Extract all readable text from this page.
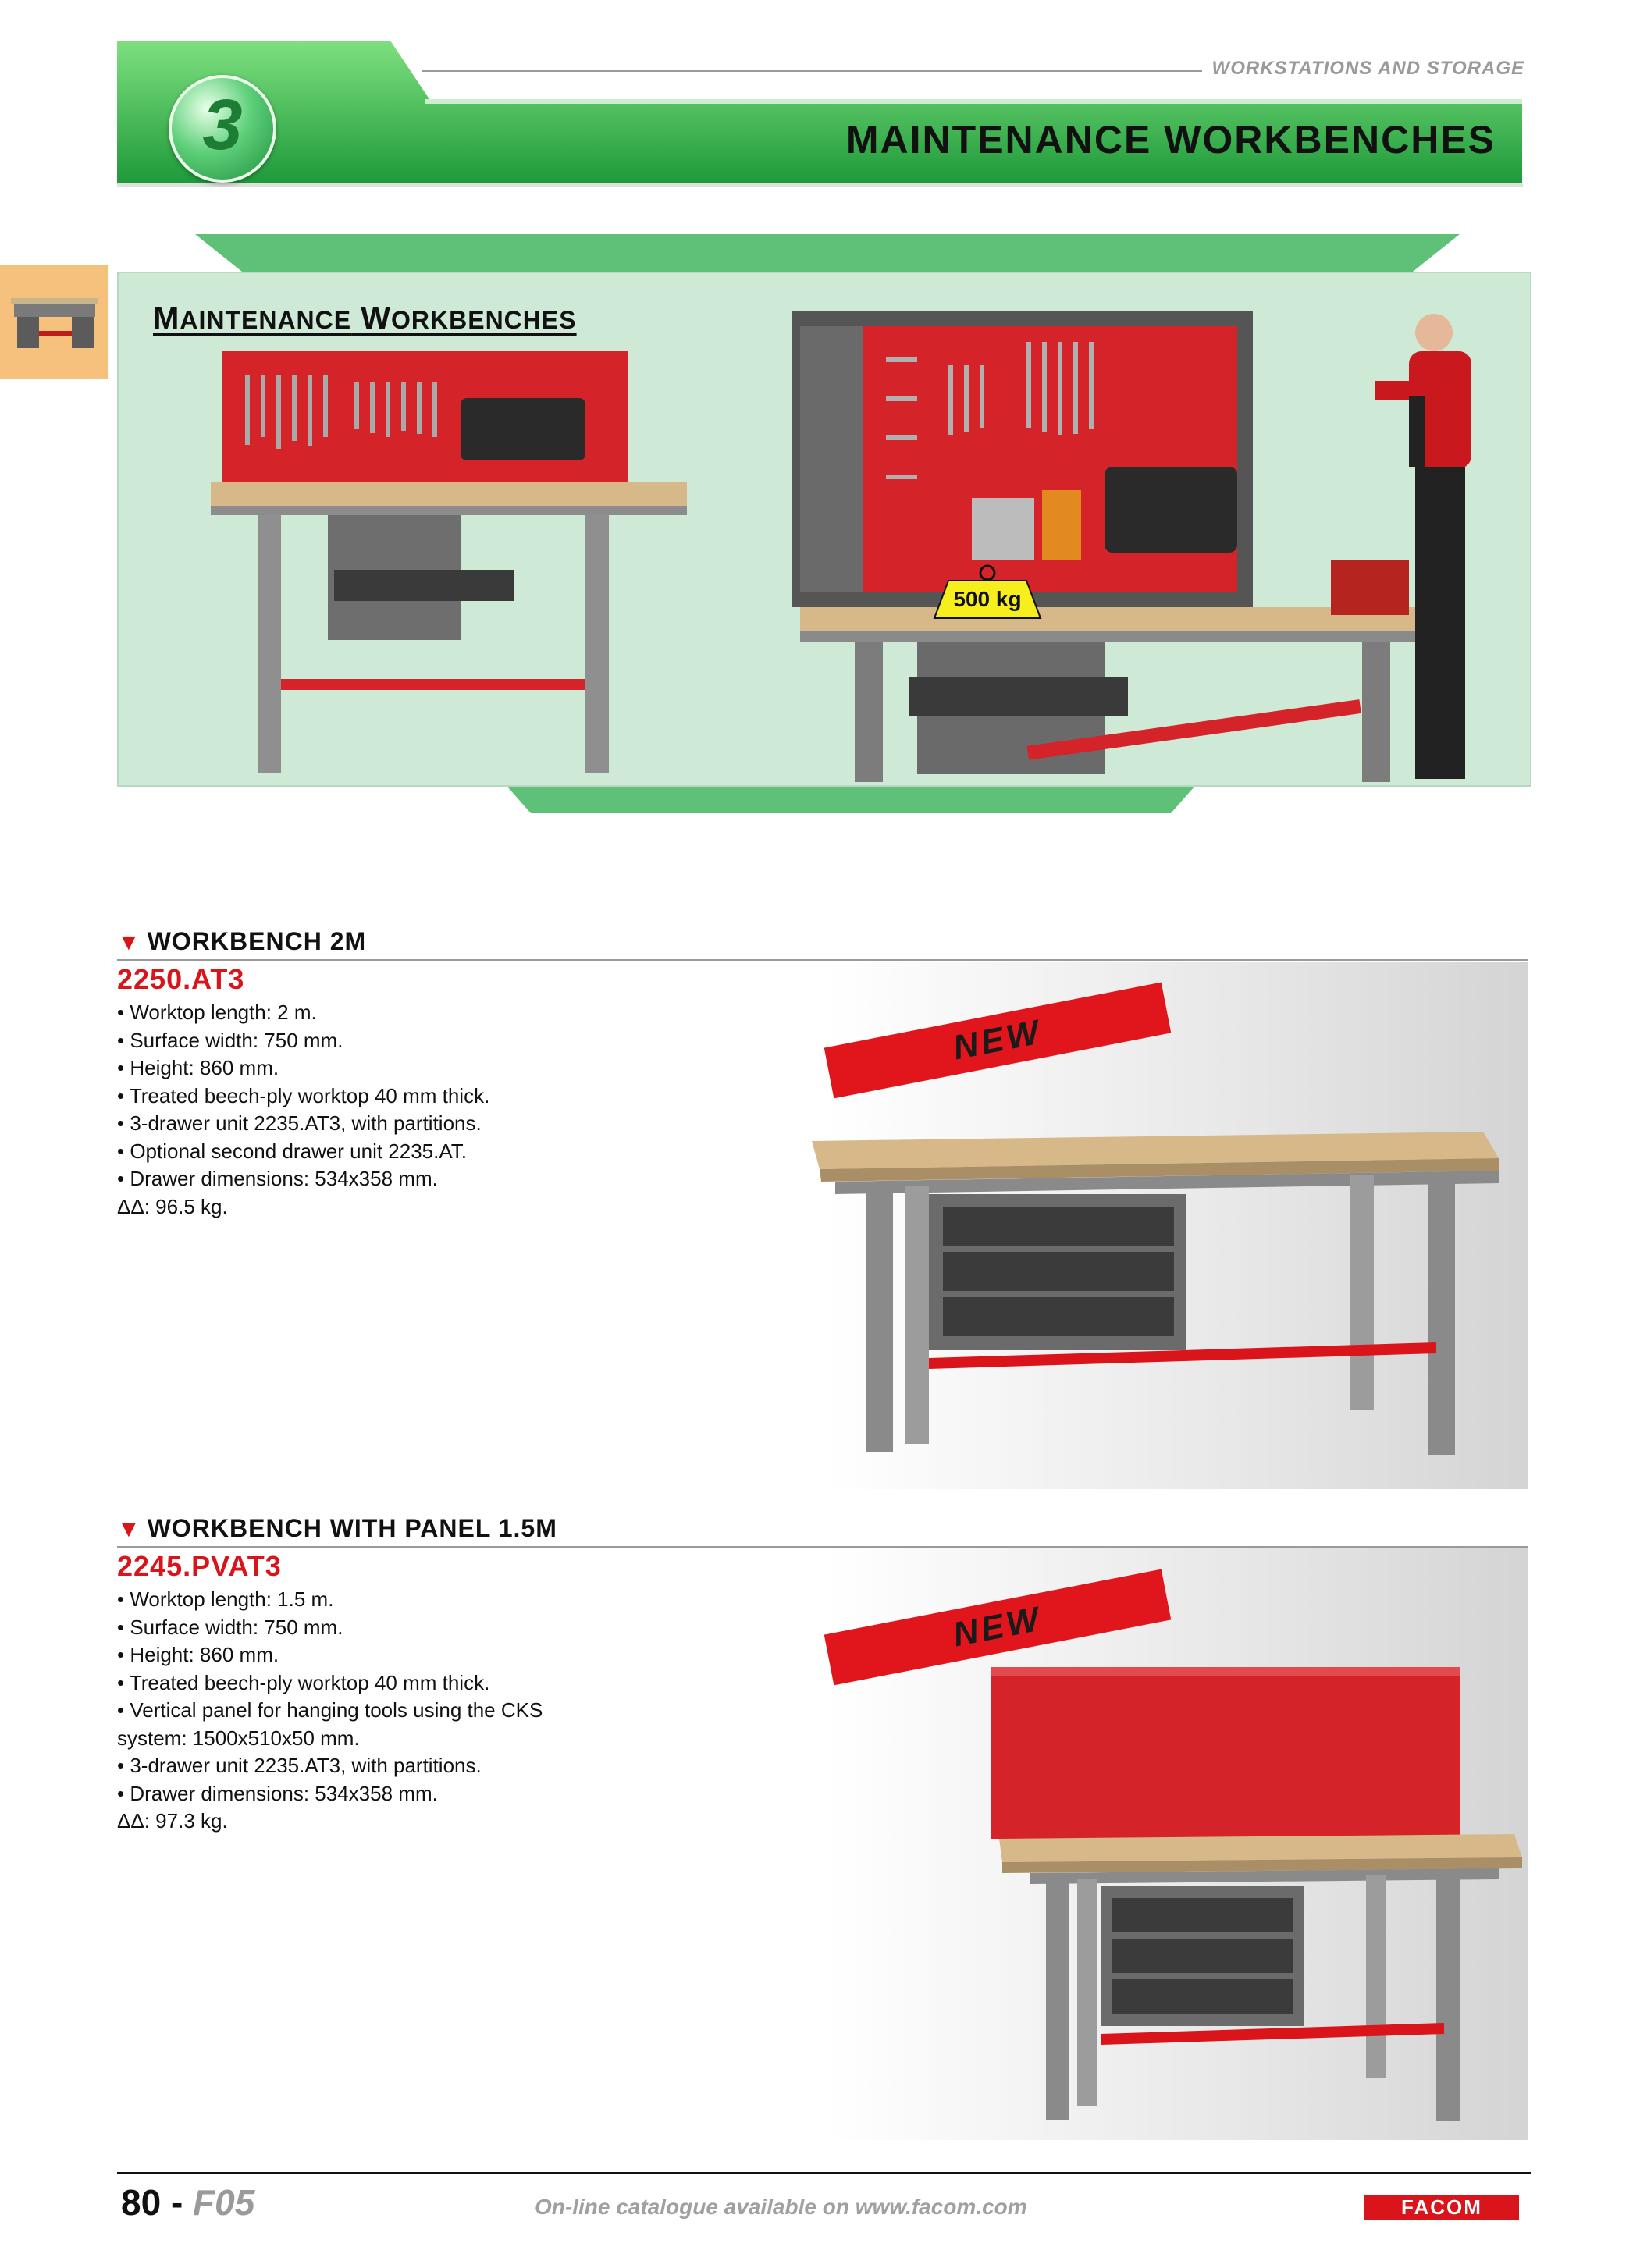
WORKSTATIONS AND STORAGE
MAINTENANCE WORKBENCHES
3
MAINTENANCE WORKBENCHES
500 kg
▼ WORKBENCH 2M
2250.AT3
• Worktop length: 2 m.
• Surface width: 750 mm.
• Height: 860 mm.
• Treated beech-ply worktop 40 mm thick.
• 3-drawer unit 2235.AT3, with partitions.
• Optional second drawer unit 2235.AT.
• Drawer dimensions: 534x358 mm.
ΔΔ: 96.5 kg.
NEW
▼ WORKBENCH WITH PANEL 1.5M
2245.PVAT3
• Worktop length: 1.5 m.
• Surface width: 750 mm.
• Height: 860 mm.
• Treated beech-ply worktop 40 mm thick.
• Vertical panel for hanging tools using the CKS
system: 1500x510x50 mm.
• 3-drawer unit 2235.AT3, with partitions.
• Drawer dimensions: 534x358 mm.
ΔΔ: 97.3 kg.
NEW
80 - F05	On-line catalogue available on www.facom.com	FACOM
